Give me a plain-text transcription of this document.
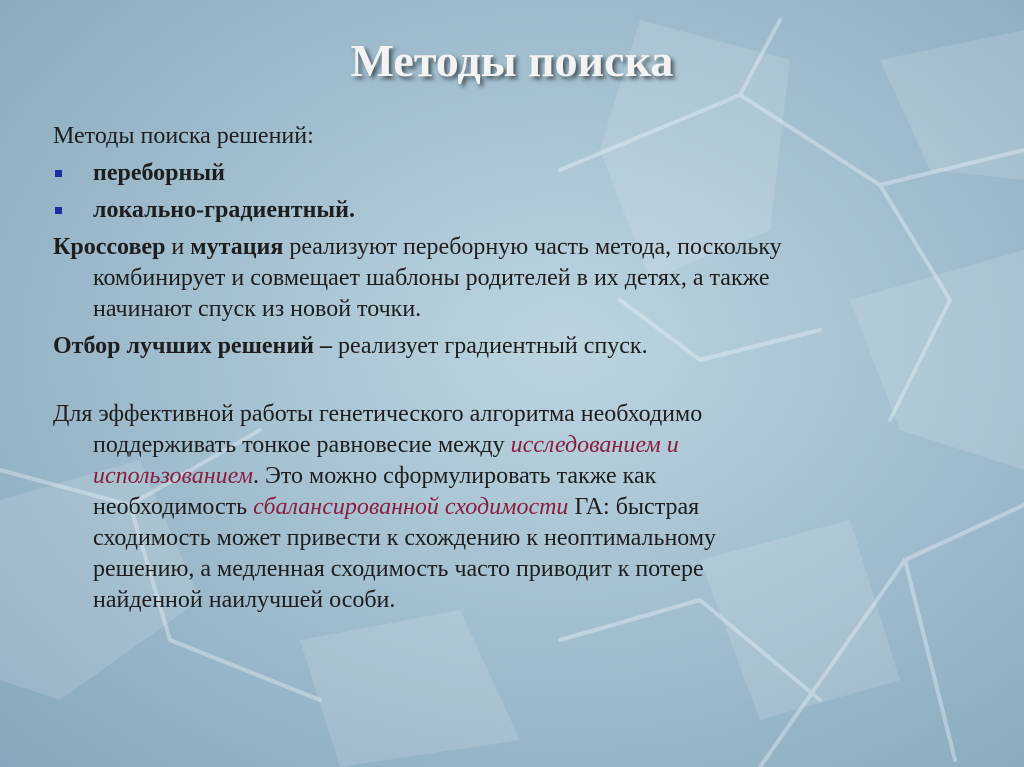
Методы поиска
Методы поиска решений:
переборный
локально-градиентный.
Кроссовер и мутация реализуют переборную часть метода, поскольку
комбинирует и совмещает шаблоны родителей в их детях, а также
начинают спуск из новой точки.
Отбор лучших решений – реализует градиентный спуск.
Для эффективной работы генетического алгоритма необходимо
поддерживать тонкое равновесие между исследованием и
использованием. Это можно сформулировать также как
необходимость сбалансированной сходимости ГА: быстрая
сходимость может привести к схождению к неоптимальному
решению, а медленная сходимость часто приводит к потере
найденной наилучшей особи.
